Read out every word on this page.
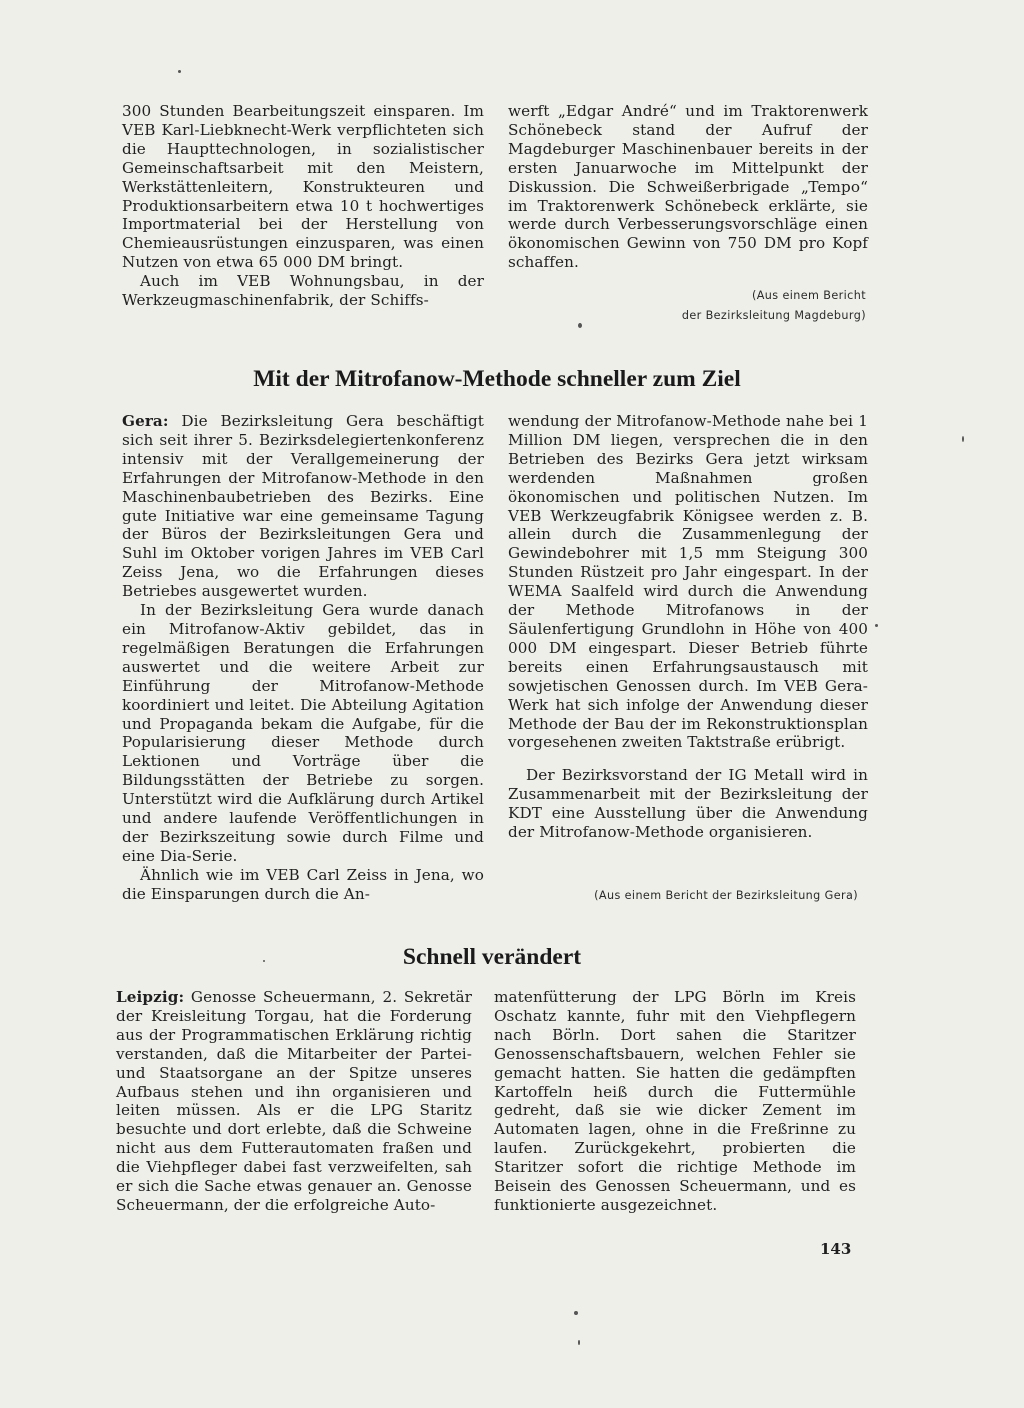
300 Stunden Bearbeitungszeit einsparen. Im VEB Karl-Liebknecht-Werk verpflichteten sich die Haupttechnologen, in sozialistischer Gemeinschaftsarbeit mit den Meistern, Werkstättenleitern, Konstrukteuren und Produktionsarbeitern etwa 10 t hochwertiges Importmaterial bei der Herstellung von Chemieausrüstungen einzusparen, was einen Nutzen von etwa 65 000 DM bringt.

Auch im VEB Wohnungsbau, in der Werkzeugmaschinenfabrik, der Schiffs-

werft „Edgar André“ und im Traktorenwerk Schönebeck stand der Aufruf der Magdeburger Maschinenbauer bereits in der ersten Januarwoche im Mittelpunkt der Diskussion. Die Schweißerbrigade „Tempo“ im Traktorenwerk Schönebeck erklärte, sie werde durch Verbesserungsvorschläge einen ökonomischen Gewinn von 750 DM pro Kopf schaffen.

(Aus einem Bericht
der Bezirksleitung Magdeburg)
Mit der Mitrofanow-Methode schneller zum Ziel

Gera: Die Bezirksleitung Gera beschäftigt sich seit ihrer 5. Bezirksdelegiertenkonferenz intensiv mit der Verallgemeinerung der Erfahrungen der Mitrofanow-Methode in den Maschinenbaubetrieben des Bezirks. Eine gute Initiative war eine gemeinsame Tagung der Büros der Bezirksleitungen Gera und Suhl im Oktober vorigen Jahres im VEB Carl Zeiss Jena, wo die Erfahrungen dieses Betriebes ausgewertet wurden.

In der Bezirksleitung Gera wurde danach ein Mitrofanow-Aktiv gebildet, das in regelmäßigen Beratungen die Erfahrungen auswertet und die weitere Arbeit zur Einführung der Mitrofanow-Methode koordiniert und leitet. Die Abteilung Agitation und Propaganda bekam die Aufgabe, für die Popularisierung dieser Methode durch Lektionen und Vorträge über die Bildungsstätten der Betriebe zu sorgen. Unterstützt wird die Aufklärung durch Artikel und andere laufende Veröffentlichungen in der Bezirkszeitung sowie durch Filme und eine Dia-Serie.

Ähnlich wie im VEB Carl Zeiss in Jena, wo die Einsparungen durch die An-

wendung der Mitrofanow-Methode nahe bei 1 Million DM liegen, versprechen die in den Betrieben des Bezirks Gera jetzt wirksam werdenden Maßnahmen großen ökonomischen und politischen Nutzen. Im VEB Werkzeugfabrik Königsee werden z. B. allein durch die Zusammenlegung der Gewindebohrer mit 1,5 mm Steigung 300 Stunden Rüstzeit pro Jahr eingespart. In der WEMA Saalfeld wird durch die Anwendung der Methode Mitrofanows in der Säulenfertigung Grundlohn in Höhe von 400 000 DM eingespart. Dieser Betrieb führte bereits einen Erfahrungsaustausch mit sowjetischen Genossen durch. Im VEB Gera-Werk hat sich infolge der Anwendung dieser Methode der Bau der im Rekonstruktionsplan vorgesehenen zweiten Taktstraße erübrigt.

Der Bezirksvorstand der IG Metall wird in Zusammenarbeit mit der Bezirksleitung der KDT eine Ausstellung über die Anwendung der Mitrofanow-Methode organisieren.

(Aus einem Bericht der Bezirksleitung Gera)
Schnell verändert

Leipzig: Genosse Scheuermann, 2. Sekretär der Kreisleitung Torgau, hat die Forderung aus der Programmatischen Erklärung richtig verstanden, daß die Mitarbeiter der Partei- und Staatsorgane an der Spitze unseres Aufbaus stehen und ihn organisieren und leiten müssen. Als er die LPG Staritz besuchte und dort erlebte, daß die Schweine nicht aus dem Futterautomaten fraßen und die Viehpfleger dabei fast verzweifelten, sah er sich die Sache etwas genauer an. Genosse Scheuermann, der die erfolgreiche Auto-

matenfütterung der LPG Börln im Kreis Oschatz kannte, fuhr mit den Viehpflegern nach Börln. Dort sahen die Staritzer Genossenschaftsbauern, welchen Fehler sie gemacht hatten. Sie hatten die gedämpften Kartoffeln heiß durch die Futtermühle gedreht, daß sie wie dicker Zement im Automaten lagen, ohne in die Freßrinne zu laufen. Zurückgekehrt, probierten die Staritzer sofort die richtige Methode im Beisein des Genossen Scheuermann, und es funktionierte ausgezeichnet.

143
